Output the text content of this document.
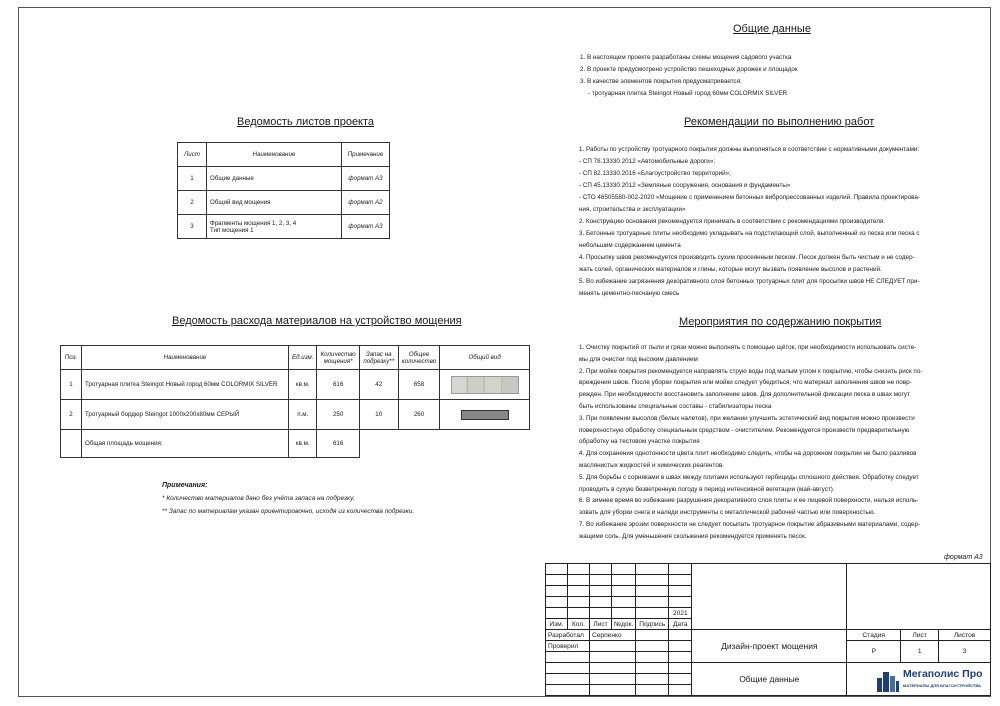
Ведомость листов проекта
Лист	Наименование	Примечание
1	Общие данные	формат А3
2	Общий вид мощения	формат А2
3	Фрагменты мощения 1, 2, 3, 4
Тип мощения 1	формат А3
Ведомость расхода материалов на устройство мощения
Поз.	Наименование	Ед.изм.	Количество мощения*	Запас на подрезку**	Общее количество	Общий вид
1	Тротуарная плитка Steingot Новый город 60мм COLORMIX SILVER	кв.м.	616	42	658	

2	Тротуарный бордюр Steingot 1000х200х80мм СЕРЫЙ	п.м.	250	10	260	

	Общая площадь мощения:	кв.м.	616			
Примечания:
* Количество материалов дано без учёта запаса на подрезку.
** Запас по материалам указан ориентировочно, исходя из количества подрезки.
Общие данные
1. В настоящем проекте разработаны схемы мощения садового участка
2. В проекте предусмотрено устройство пешеходных дорожек и площадок
3. В качестве элементов покрытия предусматривается:
- тротуарная плитка Steingot Новый город 60мм COLORMIX SILVER
Рекомендации по выполнению работ
1. Работы по устройству тротуарного покрытия должны выполняться в соответствии с нормативными документами:
- СП 78.13330.2012 «Автомобильные дороги»;
- СП 82.13330.2016 «Благоустройство территорий»;
- СП 45.13330.2012 «Земляные сооружения, основания и фундаменты»
- СТО 46505580-002-2020 «Мощение с применением бетонных вибропрессованных изделий. Правила проектирова-
ния, строительства и эксплуатации»
2. Конструкцию основания рекомендуется принимать в соответствии с рекомендациями производителя.
3. Бетонные тротуарные плиты необходимо укладывать на подстилающий слой, выполненный из песка или песка с
небольшим содержанием цемента
4. Просыпку швов рекомендуется производить сухим просеянным песком. Песок должен быть чистым и не содер-
жать солей, органических материалов и глины, которые могут вызвать появление высолов и растений.
5. Во избежание загрязнения декоративного слоя бетонных тротуарных плит для просыпки швов НЕ СЛЕДУЕТ при-
менять цементно-песчаную смесь
Мероприятия по содержанию покрытия
1. Очистку покрытий от пыли и грязи можно выполнять с помощью щёток, при необходимости использовать систе-
мы для очистки под высоким давлением
2. При мойке покрытия рекомендуется направлять струю воды под малым углом к покрытию, чтобы снизить риск по-
вреждения швов. После уборки покрытия или мойки следует убедиться, что материал заполнения швов не повр-
режден. При необходимости восстановить заполнение швов. Для дополнительной фиксации песка в швах могут
быть использованы специальные составы - стабилизаторы песка
3. При появлении высолов (белых налетов), при желании улучшить эстетический вид покрытия можно произвести
поверхностную обработку специальным средством - очистителем. Рекомендуется произвести предварительную
обработку на тестовом участке покрытия
4. Для сохранения однотонности цвета плит необходимо следить, чтобы на дорожном покрытии не было разливов
маслянистых жидкостей и химических реагентов.
5. Для борьбы с сорняками в швах между плитами используют гербициды сплошного действия. Обработку следует
проводить в сухую безветренную погоду в период интенсивной вегетации (май-август).
6. В зимнее время во избежание разрушения декоративного слоя плиты и ее лицевой поверхности, нельзя исполь-
зовать для уборки снега и наледи инструменты с металлической рабочей частью или поверхностью.
7. Во избежание эрозии поверхности не следует посыпать тротуарное покрытие абразивными материалами, содер-
жащими соль. Для уменьшения скольжения рекомендуется применять песок.
формат А3

					2021				
Изм.	Кол.	Лист	№док.	Подпись	Дата				
Разработал		Серпенко				Дизайн-проект мощения	Стадия	Лист	Листов
Проверил							Р	1	3

						Общие данные			

				Мегаполис Про
МАТЕРИАЛЫ ДЛЯ БЛАГОУСТРОЙСТВА
